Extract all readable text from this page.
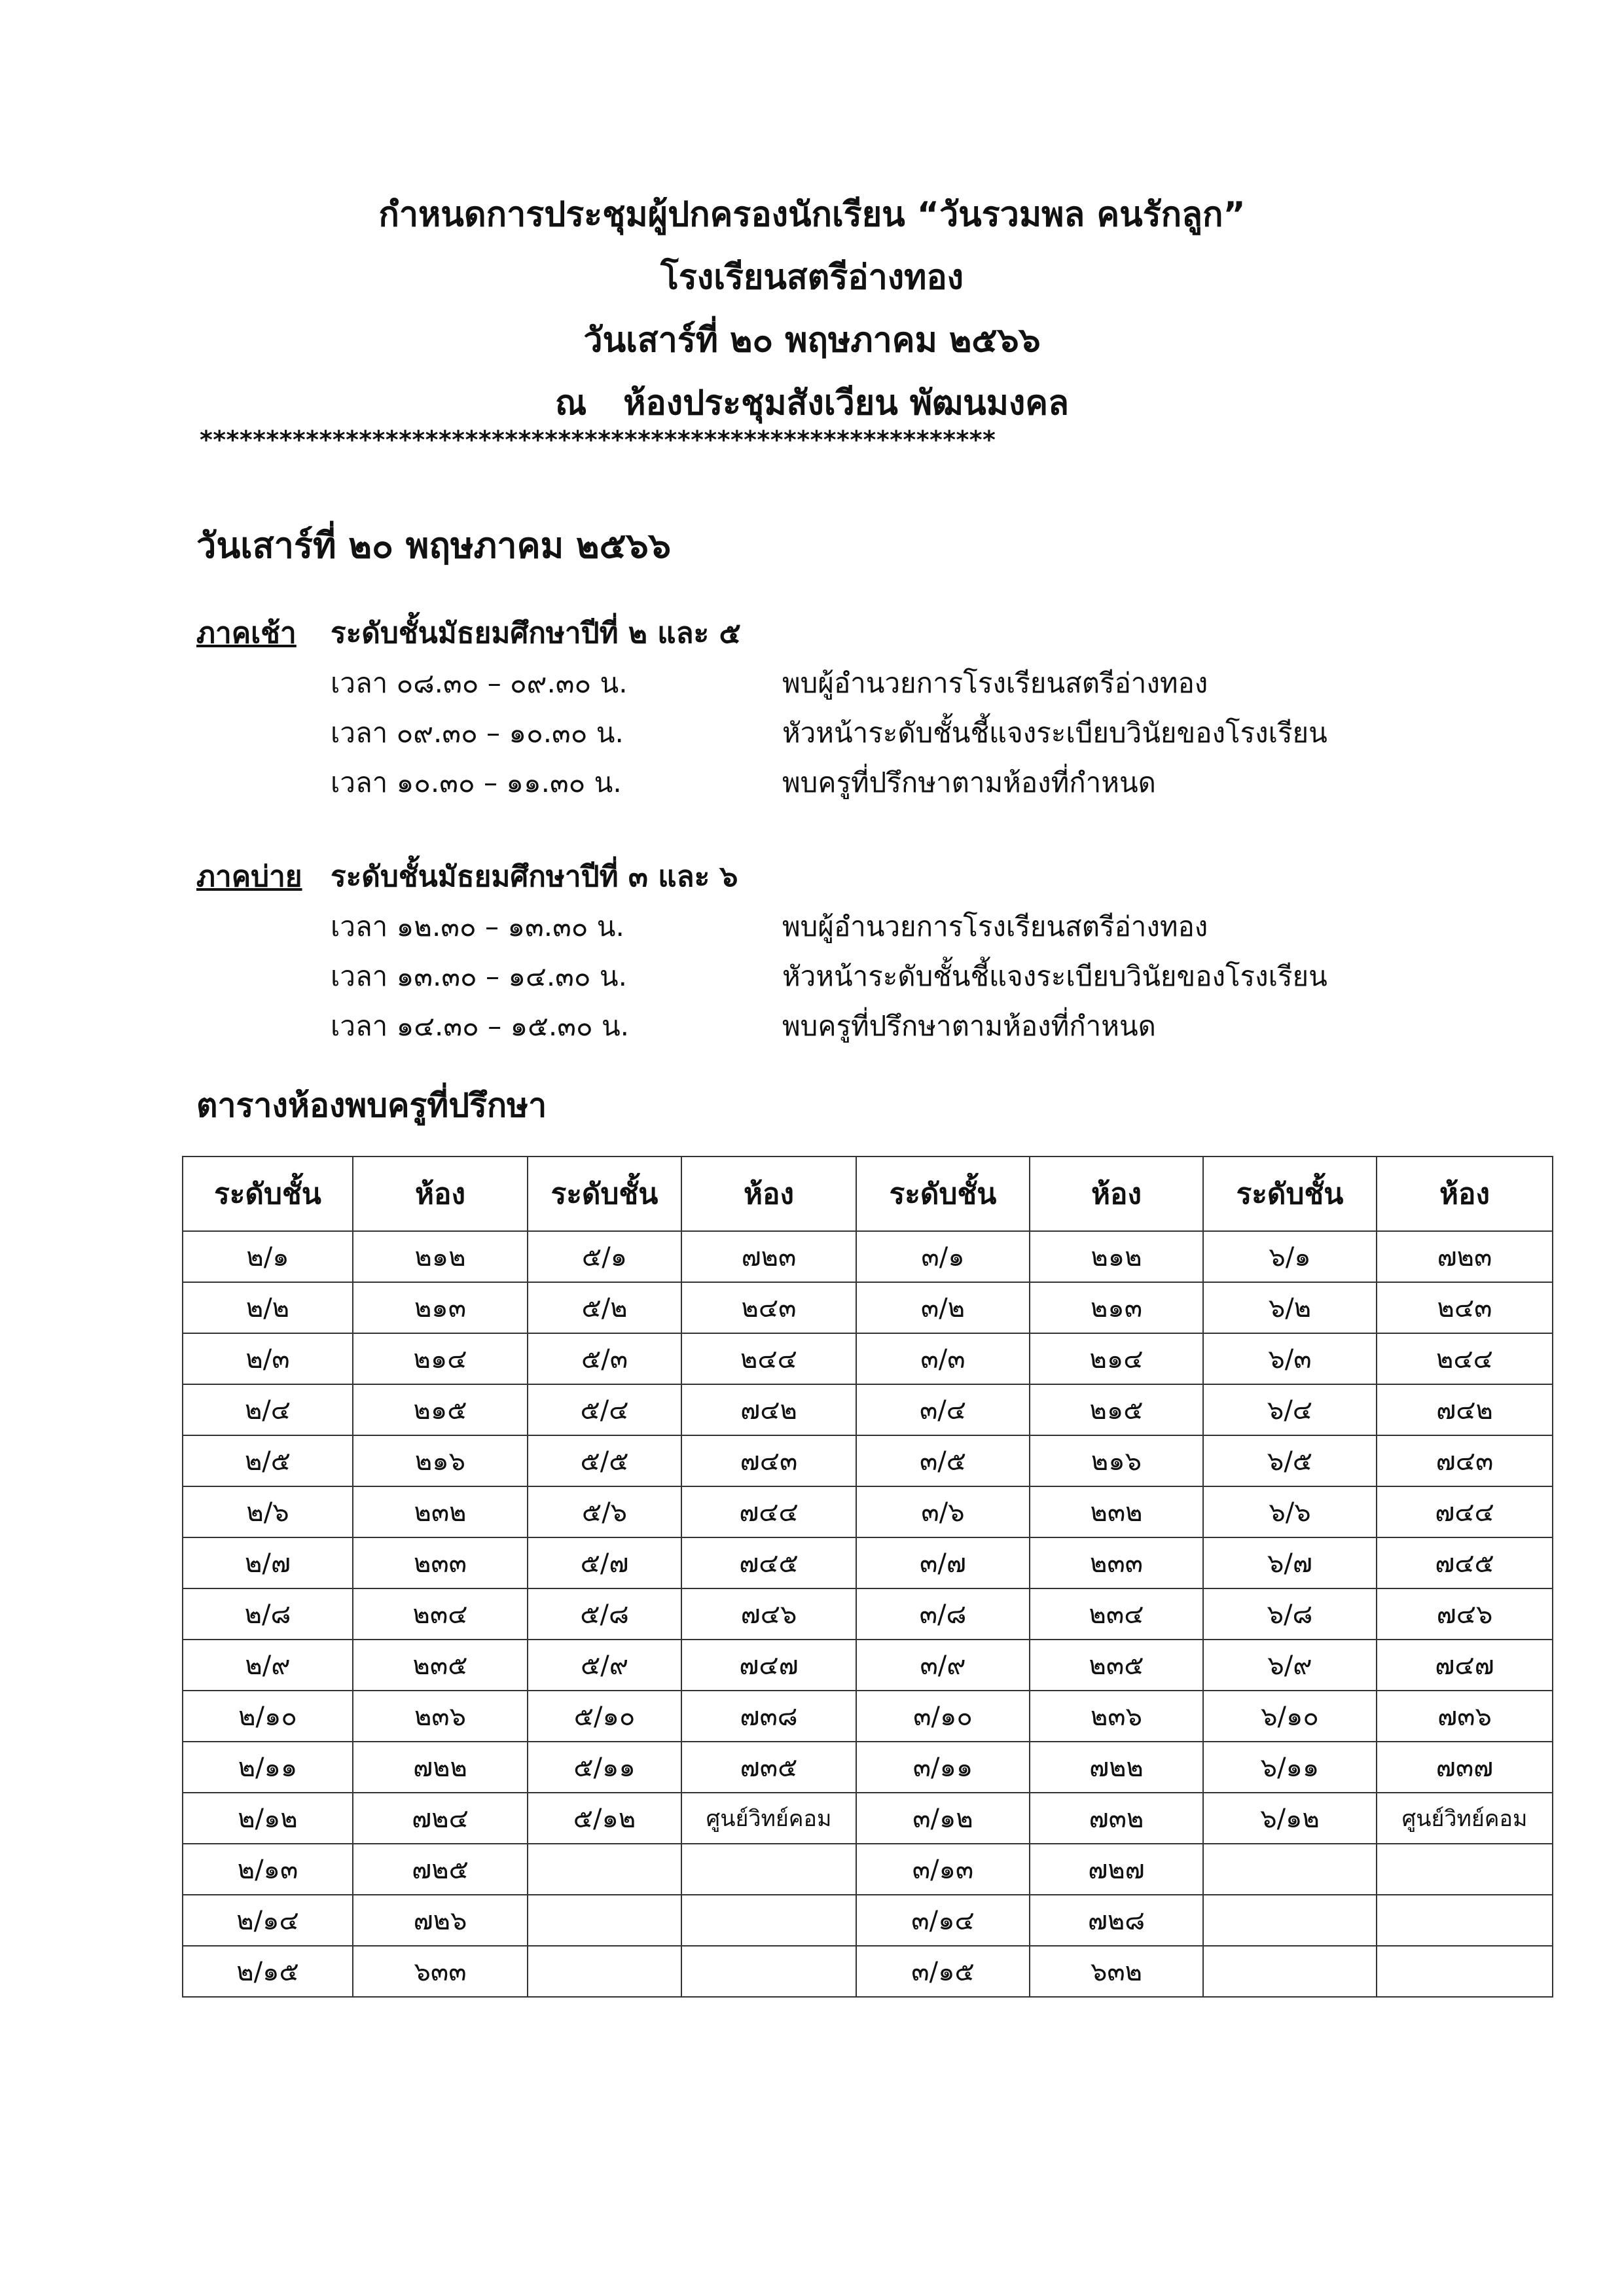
กำหนดการประชุมผู้ปกครองนักเรียน “วันรวมพล คนรักลูก”
โรงเรียนสตรีอ่างทอง
วันเสาร์ที่ ๒๐ พฤษภาคม ๒๕๖๖
ณ ห้องประชุมสังเวียน พัฒนมงคล
************************************************************
วันเสาร์ที่ ๒๐ พฤษภาคม ๒๕๖๖
ภาคเช้า ระดับชั้นมัธยมศึกษาปีที่ ๒ และ ๕
เวลา ๐๘.๓๐ – ๐๙.๓๐ น.	พบผู้อำนวยการโรงเรียนสตรีอ่างทอง
เวลา ๐๙.๓๐ – ๑๐.๓๐ น.	หัวหน้าระดับชั้นชี้แจงระเบียบวินัยของโรงเรียน
เวลา ๑๐.๓๐ – ๑๑.๓๐ น.	พบครูที่ปรึกษาตามห้องที่กำหนด
ภาคบ่าย ระดับชั้นมัธยมศึกษาปีที่ ๓ และ ๖
เวลา ๑๒.๓๐ – ๑๓.๓๐ น.	พบผู้อำนวยการโรงเรียนสตรีอ่างทอง
เวลา ๑๓.๓๐ – ๑๔.๓๐ น.	หัวหน้าระดับชั้นชี้แจงระเบียบวินัยของโรงเรียน
เวลา ๑๔.๓๐ – ๑๕.๓๐ น.	พบครูที่ปรึกษาตามห้องที่กำหนด
ตารางห้องพบครูที่ปรึกษา
ระดับชั้น	ห้อง	ระดับชั้น	ห้อง	ระดับชั้น	ห้อง	ระดับชั้น	ห้อง
๒/๑	๒๑๒	๕/๑	๗๒๓	๓/๑	๒๑๒	๖/๑	๗๒๓
๒/๒	๒๑๓	๕/๒	๒๔๓	๓/๒	๒๑๓	๖/๒	๒๔๓
๒/๓	๒๑๔	๕/๓	๒๔๔	๓/๓	๒๑๔	๖/๓	๒๔๔
๒/๔	๒๑๕	๕/๔	๗๔๒	๓/๔	๒๑๕	๖/๔	๗๔๒
๒/๕	๒๑๖	๕/๕	๗๔๓	๓/๕	๒๑๖	๖/๕	๗๔๓
๒/๖	๒๓๒	๕/๖	๗๔๔	๓/๖	๒๓๒	๖/๖	๗๔๔
๒/๗	๒๓๓	๕/๗	๗๔๕	๓/๗	๒๓๓	๖/๗	๗๔๕
๒/๘	๒๓๔	๕/๘	๗๔๖	๓/๘	๒๓๔	๖/๘	๗๔๖
๒/๙	๒๓๕	๕/๙	๗๔๗	๓/๙	๒๓๕	๖/๙	๗๔๗
๒/๑๐	๒๓๖	๕/๑๐	๗๓๘	๓/๑๐	๒๓๖	๖/๑๐	๗๓๖
๒/๑๑	๗๒๒	๕/๑๑	๗๓๕	๓/๑๑	๗๒๒	๖/๑๑	๗๓๗
๒/๑๒	๗๒๔	๕/๑๒	ศูนย์วิทย์คอม	๓/๑๒	๗๓๒	๖/๑๒	ศูนย์วิทย์คอม
๒/๑๓	๗๒๕			๓/๑๓	๗๒๗		
๒/๑๔	๗๒๖			๓/๑๔	๗๒๘		
๒/๑๕	๖๓๓			๓/๑๕	๖๓๒		
